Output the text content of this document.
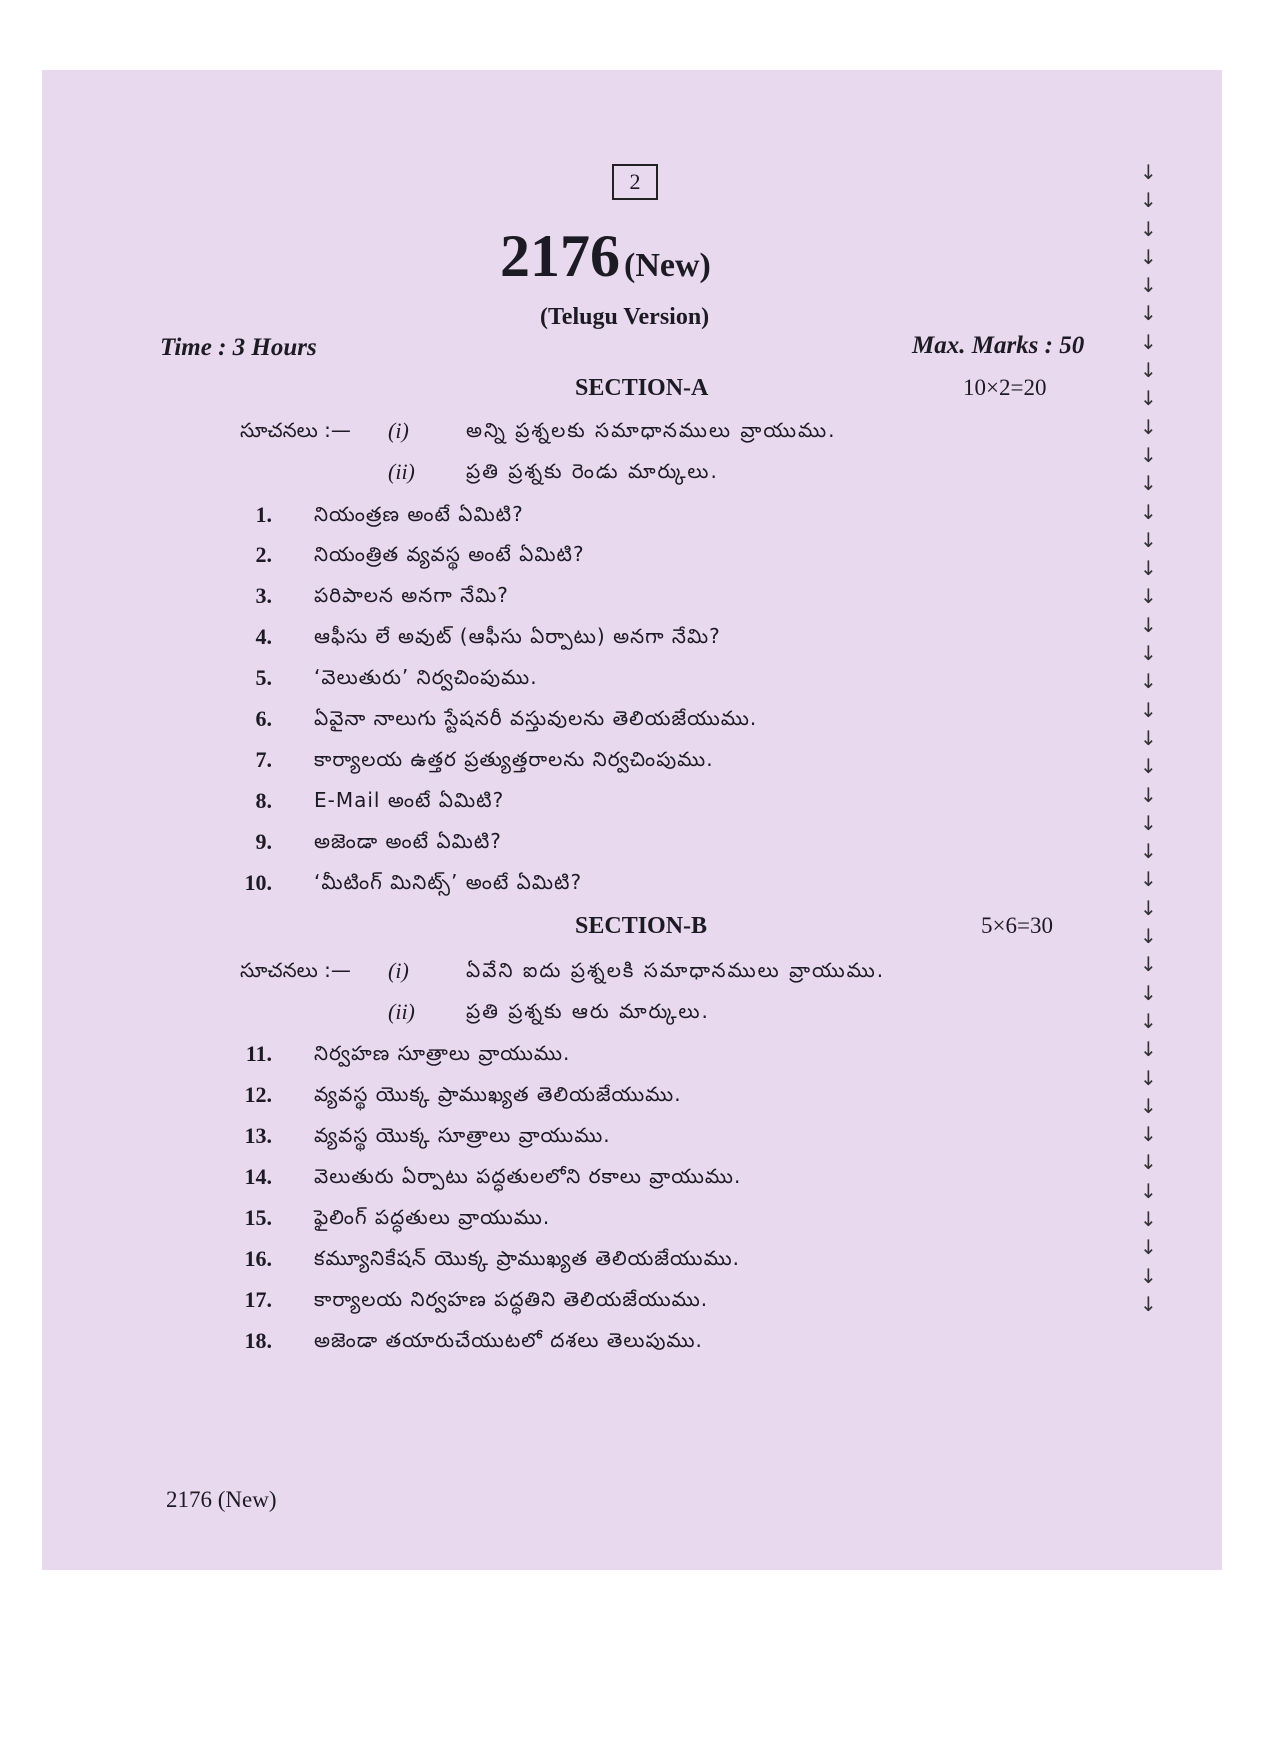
2
2176 (New)
(Telugu Version)
Time : 3 Hours	Max. Marks : 50
SECTION-A	10×2=20
సూచనలు :— (i)	అన్ని ప్రశ్నలకు సమాధానములు వ్రాయుము.
(ii)	ప్రతి ప్రశ్నకు రెండు మార్కులు.
1. నియంత్రణ అంటే ఏమిటి?
2. నియంత్రిత వ్యవస్థ అంటే ఏమిటి?
3. పరిపాలన అనగా నేమి?
4. ఆఫీసు లే అవుట్ (ఆఫీసు ఏర్పాటు) అనగా నేమి?
5. ‘వెలుతురు’ నిర్వచింపుము.
6. ఏవైనా నాలుగు స్టేషనరీ వస్తువులను తెలియజేయుము.
7. కార్యాలయ ఉత్తర ప్రత్యుత్తరాలను నిర్వచింపుము.
8. E-Mail అంటే ఏమిటి?
9. అజెండా అంటే ఏమిటి?
10. ‘మీటింగ్ మినిట్స్’ అంటే ఏమిటి?
SECTION-B	5×6=30
సూచనలు :— (i)	ఏవేని ఐదు ప్రశ్నలకి సమాధానములు వ్రాయుము.
(ii)	ప్రతి ప్రశ్నకు ఆరు మార్కులు.
11. నిర్వహణ సూత్రాలు వ్రాయుము.
12. వ్యవస్థ యొక్క ప్రాముఖ్యత తెలియజేయుము.
13. వ్యవస్థ యొక్క సూత్రాలు వ్రాయుము.
14. వెలుతురు ఏర్పాటు పద్ధతులలోని రకాలు వ్రాయుము.
15. ఫైలింగ్ పద్ధతులు వ్రాయుము.
16. కమ్యూనికేషన్ యొక్క ప్రాముఖ్యత తెలియజేయుము.
17. కార్యాలయ నిర్వహణ పద్ధతిని తెలియజేయుము.
18. అజెండా తయారుచేయుటలో దశలు తెలుపుము.
2176 (New)
↓
↓
↓
↓
↓
↓
↓
↓
↓
↓
↓
↓
↓
↓
↓
↓
↓
↓
↓
↓
↓
↓
↓
↓
↓
↓
↓
↓
↓
↓
↓
↓
↓
↓
↓
↓
↓
↓
↓
↓
↓
